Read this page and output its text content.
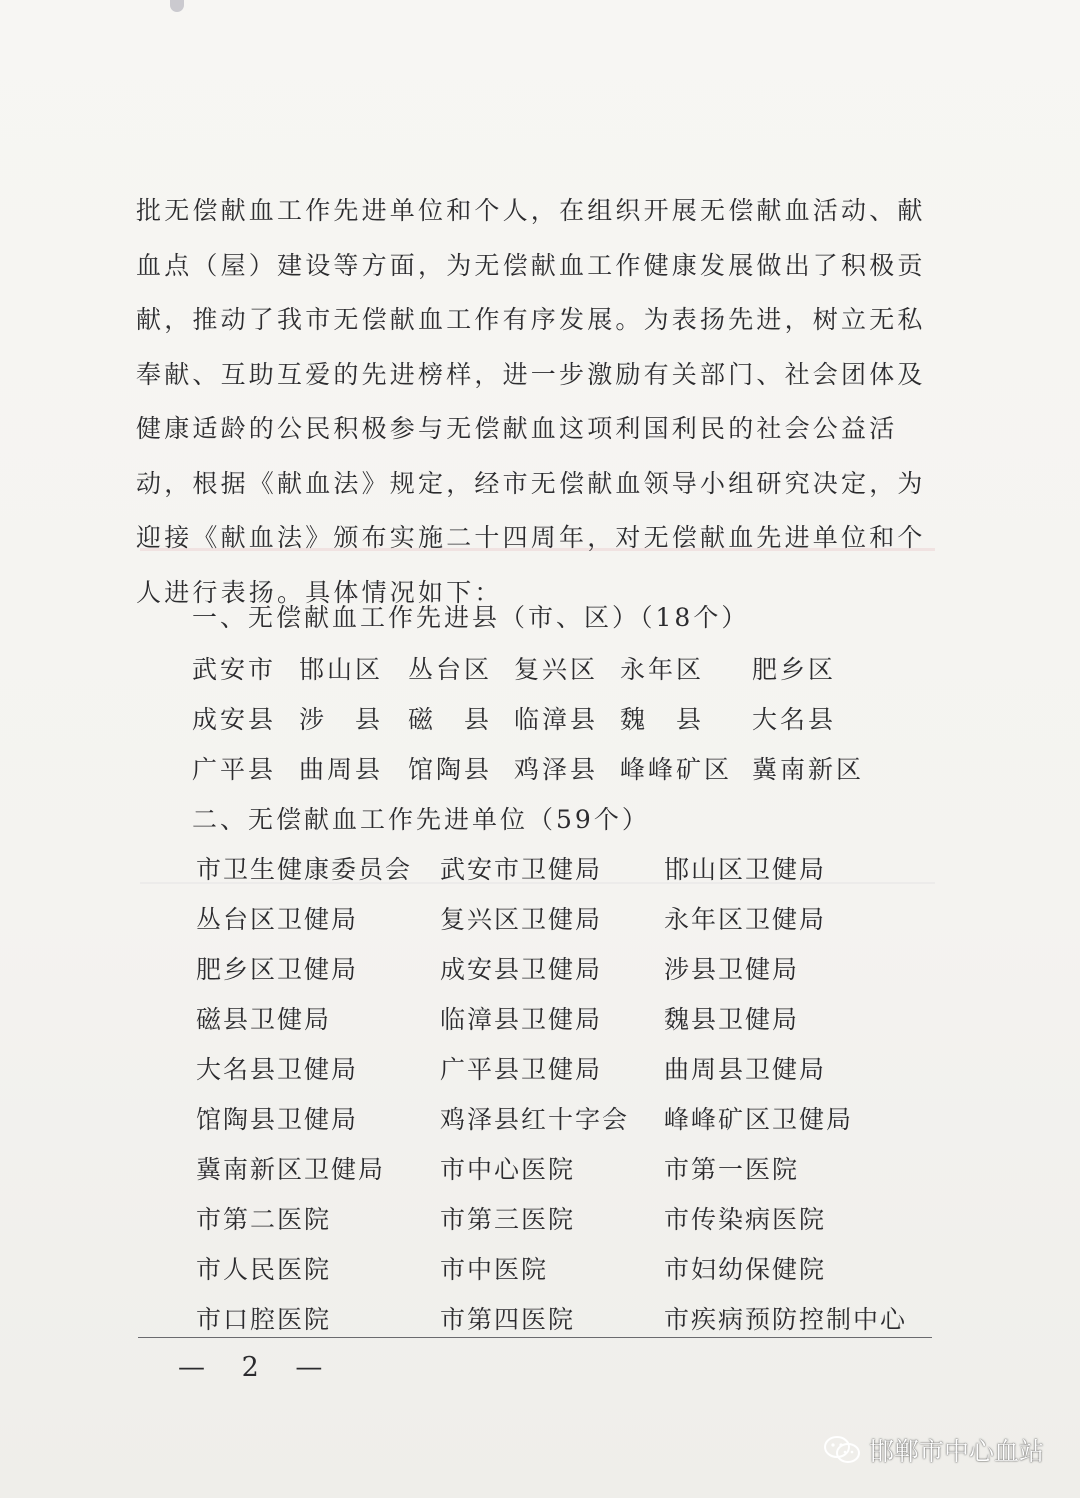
批无偿献血工作先进单位和个人，在组织开展无偿献血活动、献
血点（屋）建设等方面，为无偿献血工作健康发展做出了积极贡
献，推动了我市无偿献血工作有序发展。为表扬先进，树立无私
奉献、互助互爱的先进榜样，进一步激励有关部门、社会团体及
健康适龄的公民积极参与无偿献血这项利国利民的社会公益活
动，根据《献血法》规定，经市无偿献血领导小组研究决定，为
迎接《献血法》颁布实施二十四周年，对无偿献血先进单位和个
人进行表扬。具体情况如下：
一、无偿献血工作先进县（市、区）（18个）
武安市 邯山区 丛台区 复兴区 永年区 肥乡区
成安县 涉　县 磁　县 临漳县 魏　县 大名县
广平县 曲周县 馆陶县 鸡泽县 峰峰矿区 冀南新区
二、无偿献血工作先进单位（59个）
市卫生健康委员会 武安市卫健局 邯山区卫健局
丛台区卫健局	复兴区卫健局 永年区卫健局
肥乡区卫健局	成安县卫健局 涉县卫健局
磁县卫健局	临漳县卫健局 魏县卫健局
大名县卫健局	广平县卫健局 曲周县卫健局
馆陶县卫健局	鸡泽县红十字会 峰峰矿区卫健局
冀南新区卫健局 市中心医院	市第一医院
市第二医院	市第三医院	市传染病医院
市人民医院	市中医院	市妇幼保健院
市口腔医院	市第四医院	市疾病预防控制中心
— 2 —
邯郸市中心血站
